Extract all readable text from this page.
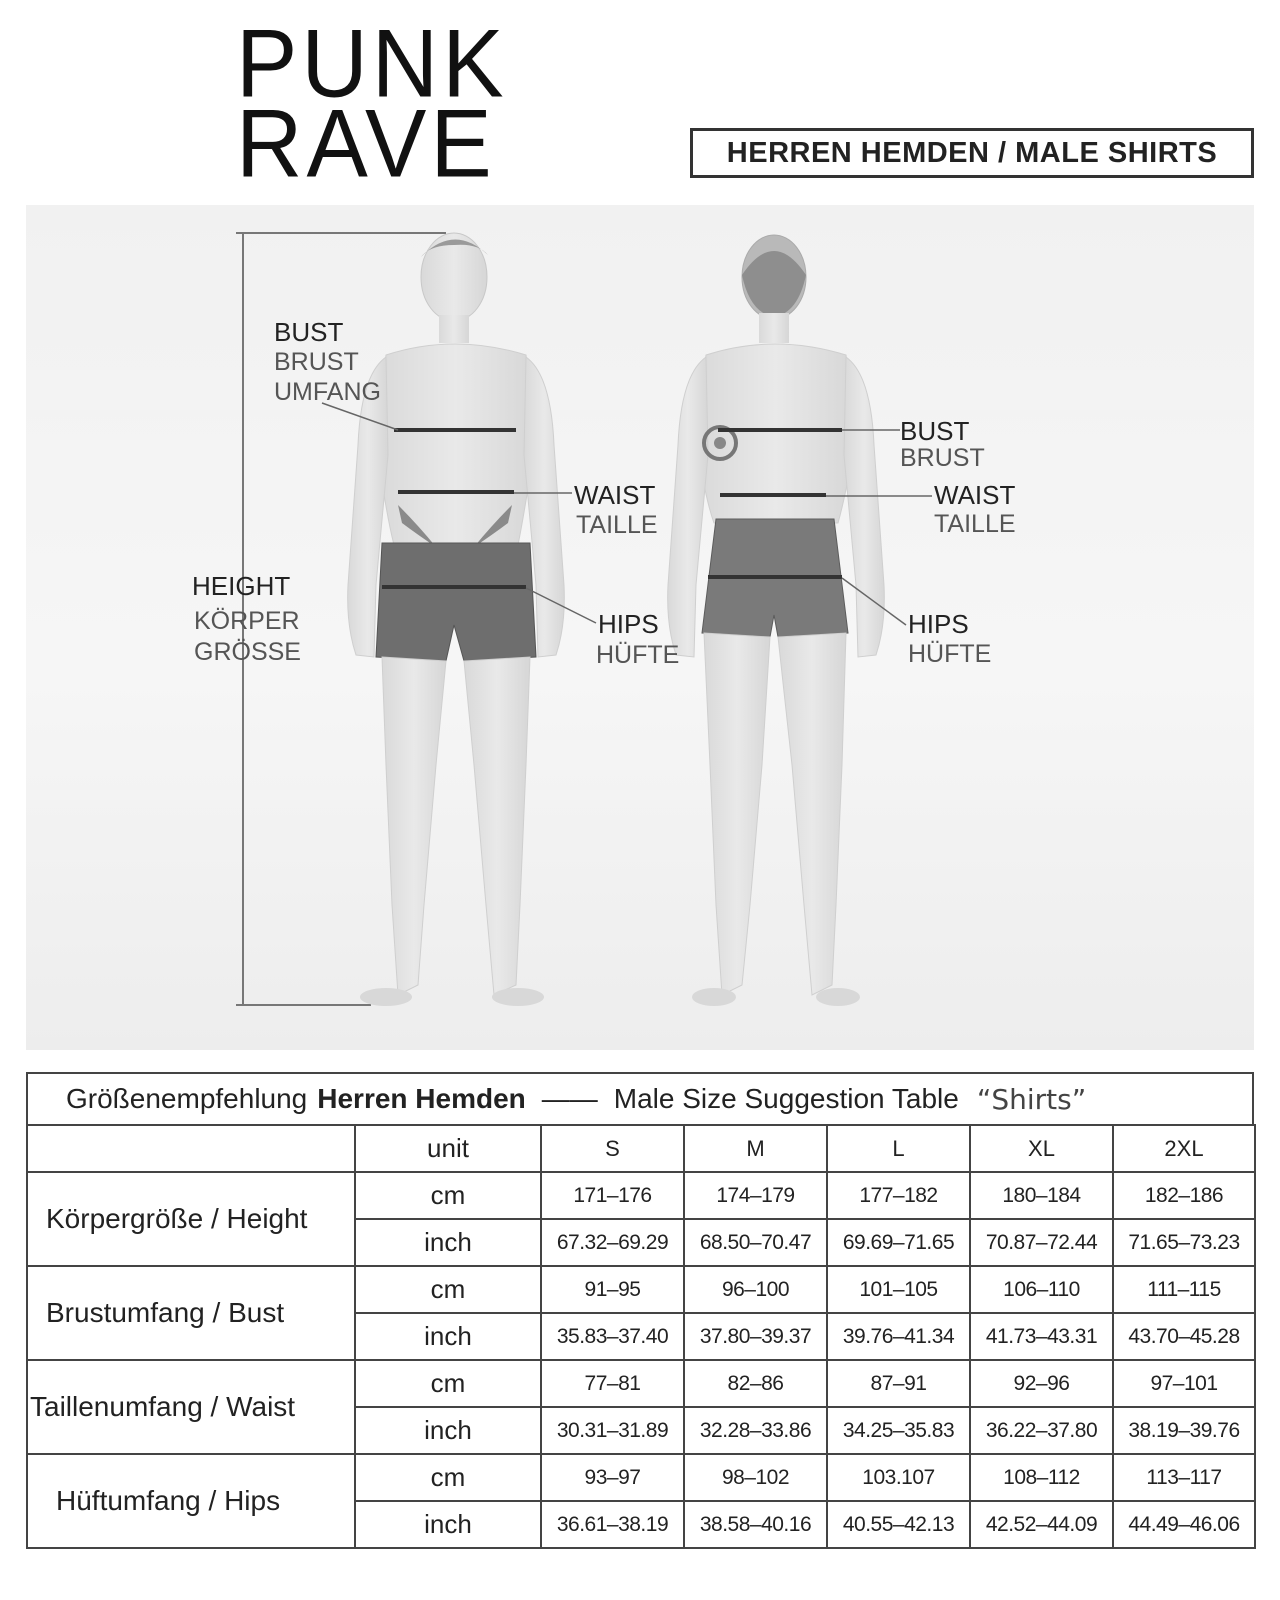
PUNK
RAVE	HERREN HEMDEN / MALE SHIRTS
BUST
BRUST
UMFANG
WAIST
TAILLE
HIPS
HÜFTE
HEIGHT
KÖRPER
GRÖSSE
BUST
BRUST
WAIST
TAILLE
HIPS
HÜFTE
Größenempfehlung Herren Hemden —— Male Size Suggestion Table “Shirts”
	unit	S	M	L	XL	2XL
Körpergröße / Height	cm	171–176	174–179	177–182	180–184	182–186
	inch	67.32–69.29	68.50–70.47	69.69–71.65	70.87–72.44	71.65–73.23
Brustumfang / Bust	cm	91–95	96–100	101–105	106–110	111–115
	inch	35.83–37.40	37.80–39.37	39.76–41.34	41.73–43.31	43.70–45.28
Taillenumfang / Waist	cm	77–81	82–86	87–91	92–96	97–101
	inch	30.31–31.89	32.28–33.86	34.25–35.83	36.22–37.80	38.19–39.76
Hüftumfang / Hips	cm	93–97	98–102	103.107	108–112	113–117
	inch	36.61–38.19	38.58–40.16	40.55–42.13	42.52–44.09	44.49–46.06
